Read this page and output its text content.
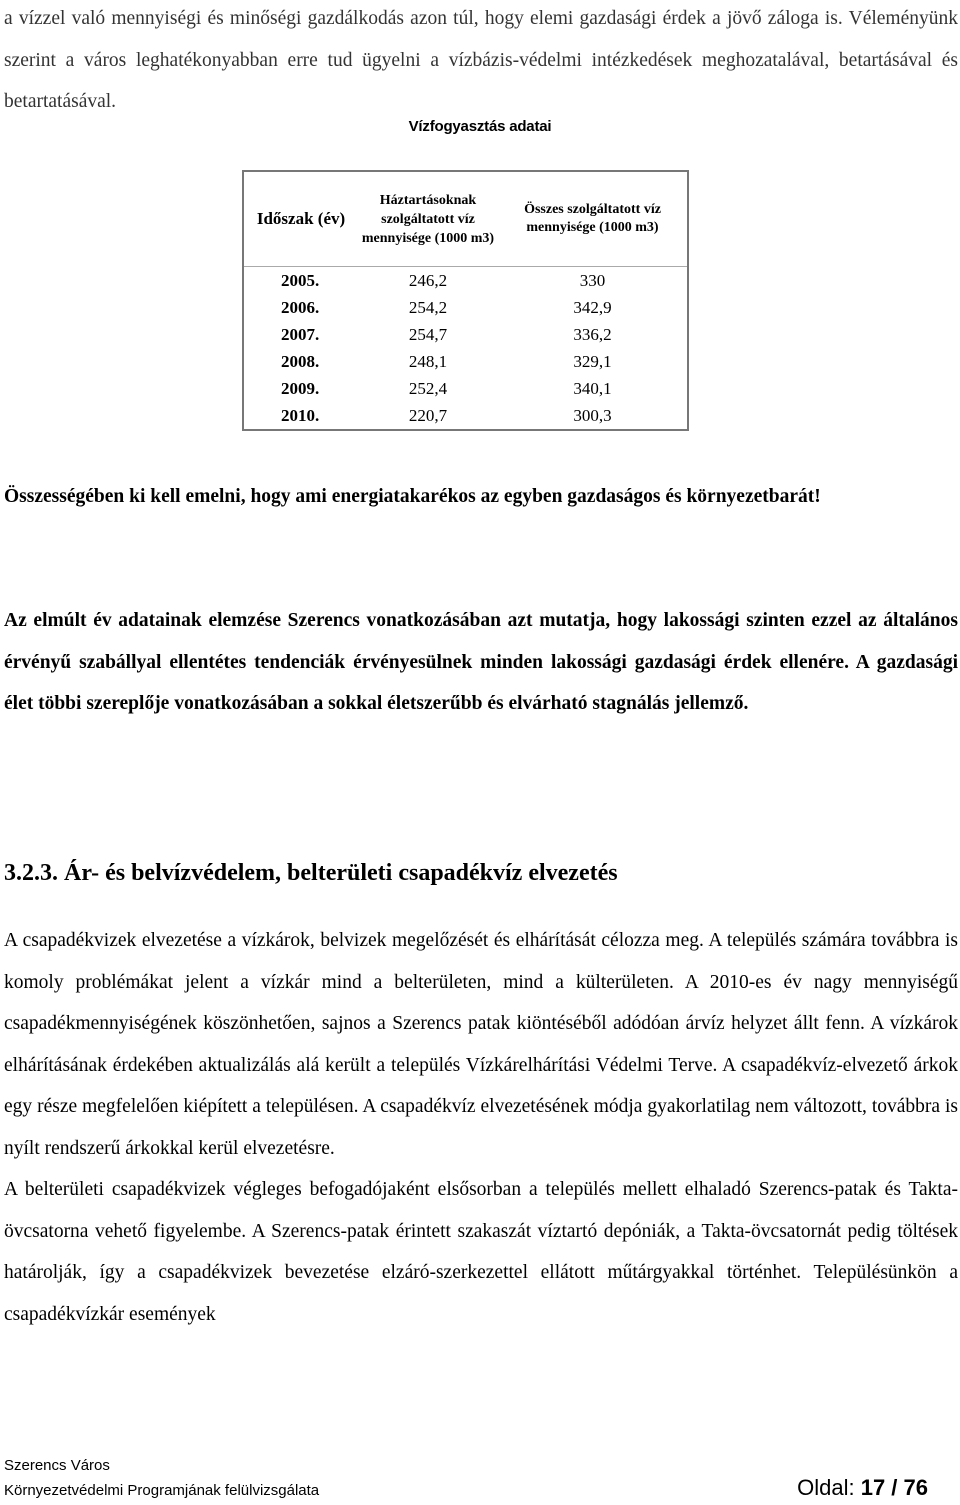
a vízzel való mennyiségi és minőségi gazdálkodás azon túl, hogy elemi gazdasági érdek a jövő záloga is. Véleményünk szerint a város leghatékonyabban erre tud ügyelni a vízbázis-védelmi intézkedések meghozatalával, betartásával és betartatásával.

Vízfogyasztás adatai

Időszak (év)	Háztartásoknak szolgáltatott víz mennyisége (1000 m3)	Összes szolgáltatott víz mennyisége (1000 m3)
2005.	246,2	330
2006.	254,2	342,9
2007.	254,7	336,2
2008.	248,1	329,1
2009.	252,4	340,1
2010.	220,7	300,3

Összességében ki kell emelni, hogy ami energiatakarékos az egyben gazdaságos és környezetbarát!

Az elmúlt év adatainak elemzése Szerencs vonatkozásában azt mutatja, hogy lakossági szinten ezzel az általános érvényű szabállyal ellentétes tendenciák érvényesülnek minden lakossági gazdasági érdek ellenére. A gazdasági élet többi szereplője vonatkozásában a sokkal életszerűbb és elvárható stagnálás jellemző.

3.2.3. Ár- és belvízvédelem, belterületi csapadékvíz elvezetés

A csapadékvizek elvezetése a vízkárok, belvizek megelőzését és elhárítását célozza meg. A település számára továbbra is komoly problémákat jelent a vízkár mind a belterületen, mind a külterületen. A 2010-es év nagy mennyiségű csapadékmennyiségének köszönhetően, sajnos a Szerencs patak kiöntéséből adódóan árvíz helyzet állt fenn. A vízkárok elhárításának érdekében aktualizálás alá került a település Vízkárelhárítási Védelmi Terve. A csapadékvíz-elvezető árkok egy része megfelelően kiépített a településen. A csapadékvíz elvezetésének módja gyakorlatilag nem változott, továbbra is nyílt rendszerű árkokkal kerül elvezetésre.

A belterületi csapadékvizek végleges befogadójaként elsősorban a település mellett elhaladó Szerencs-patak és Takta-övcsatorna vehető figyelembe. A Szerencs-patak érintett szakaszát víztartó depóniák, a Takta-övcsatornát pedig töltések határolják, így a csapadékvizek bevezetése elzáró-szerkezettel ellátott műtárgyakkal történhet. Településünkön a csapadékvízkár események

Szerencs Város
Környezetvédelmi Programjának felülvizsgálata	Oldal: 17 / 76
